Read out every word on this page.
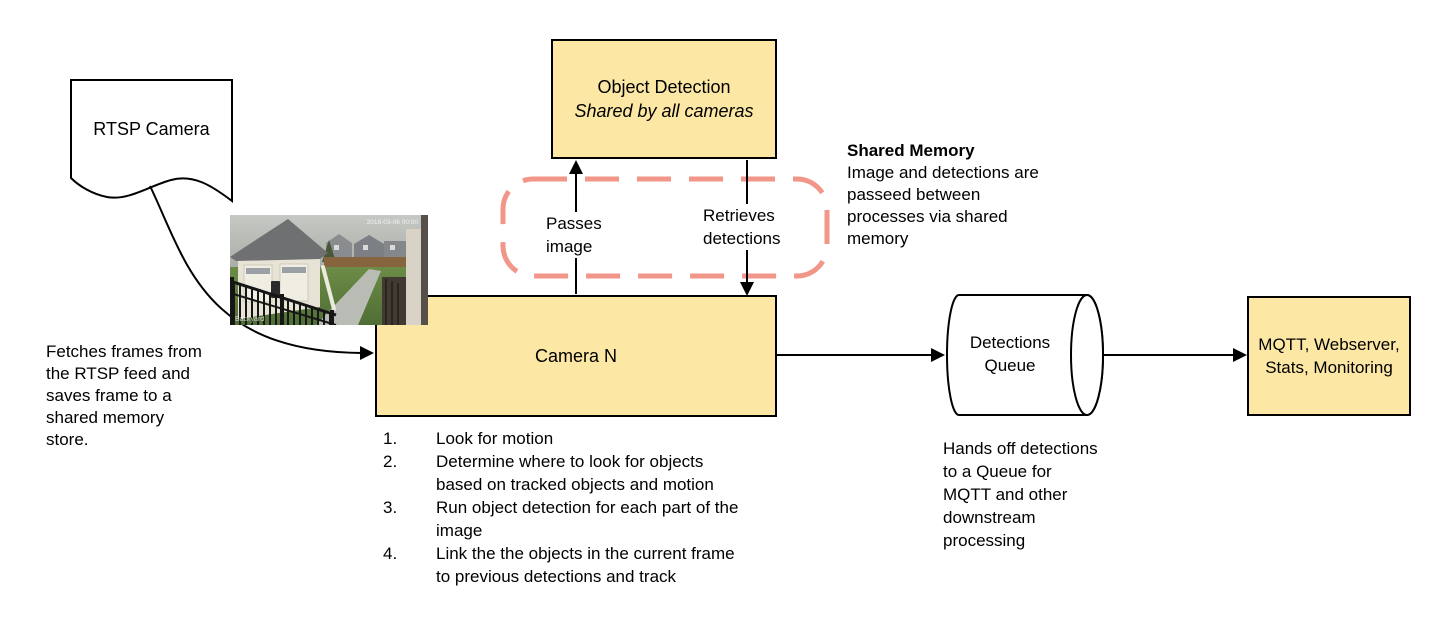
RTSP Camera
Fetches frames from
the RTSP feed and
saves frame to a
shared memory
store.
Object Detection
Shared by all cameras
Shared Memory
Image and detections are
passeed between
processes via shared
memory
Passes
image
Retrieves
detections
Camera N
2018-03-06 00:00
Backyard
1.	Look for motion
2.	Determine where to look for objects
based on tracked objects and motion
3.	Run object detection for each part of the
image
4.	Link the the objects in the current frame
to previous detections and track
Detections
Queue
Hands off detections
to a Queue for
MQTT and other
downstream
processing
MQTT, Webserver,
Stats, Monitoring
